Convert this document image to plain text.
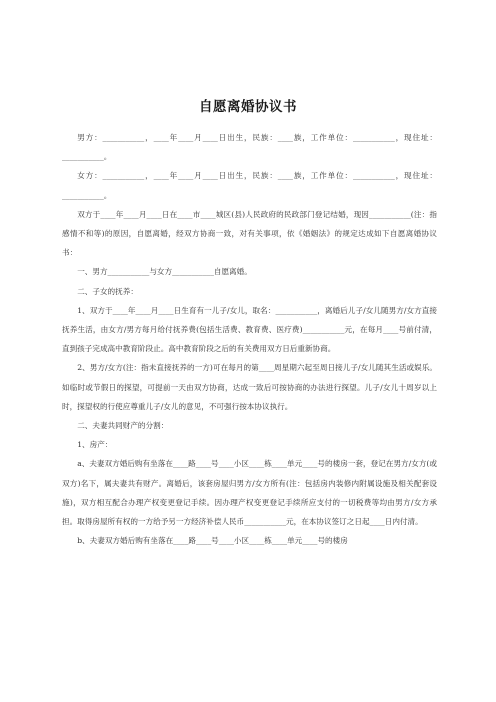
自愿离婚协议书

男方：___________，____年____月____日出生，民族：____族，工作单位：___________，现住址：___________。

女方：___________，____年____月____日出生，民族：____族，工作单位：___________，现住址：___________。

双方于____年____月____日在____市____城区(县)人民政府的民政部门登记结婚，现因___________(注：指感情不和等)的原因，自愿离婚，经双方协商一致，对有关事项，依《婚姻法》的规定达成如下自愿离婚协议书：

一、男方___________与女方___________自愿离婚。

二、子女的抚养：

1、双方于____年____月____日生育有一儿子/女儿，取名：___________，离婚后儿子/女儿随男方/女方直接抚养生活，由女方/男方每月给付抚养费(包括生活费、教育费、医疗费)___________元，在每月____号前付清，直到孩子完成高中教育阶段止。高中教育阶段之后的有关费用双方日后重新协商。

2、男方/女方(注：指未直接抚养的一方)可在每月的第____周星期六起至周日接儿子/女儿随其生活或娱乐。如临时或节假日的探望，可提前一天由双方协商，达成一致后可按协商的办法进行探望。儿子/女儿十周岁以上时，探望权的行使应尊重儿子/女儿的意见，不可强行按本协议执行。

二、夫妻共同财产的分割：

1、房产：

a、夫妻双方婚后购有坐落在____路____号____小区____栋____单元____号的楼房一套，登记在男方/女方(或双方)名下，属夫妻共有财产。离婚后，该套房屋归男方/女方所有(注：包括房内装修内附属设施及相关配套设施)，双方相互配合办理产权变更登记手续。因办理产权变更登记手续所应支付的一切税费等均由男方/女方承担。取得房屋所有权的一方给予另一方经济补偿人民币___________元，在本协议签订之日起____日内付清。

b、夫妻双方婚后购有坐落在____路____号____小区____栋____单元____号的楼房
